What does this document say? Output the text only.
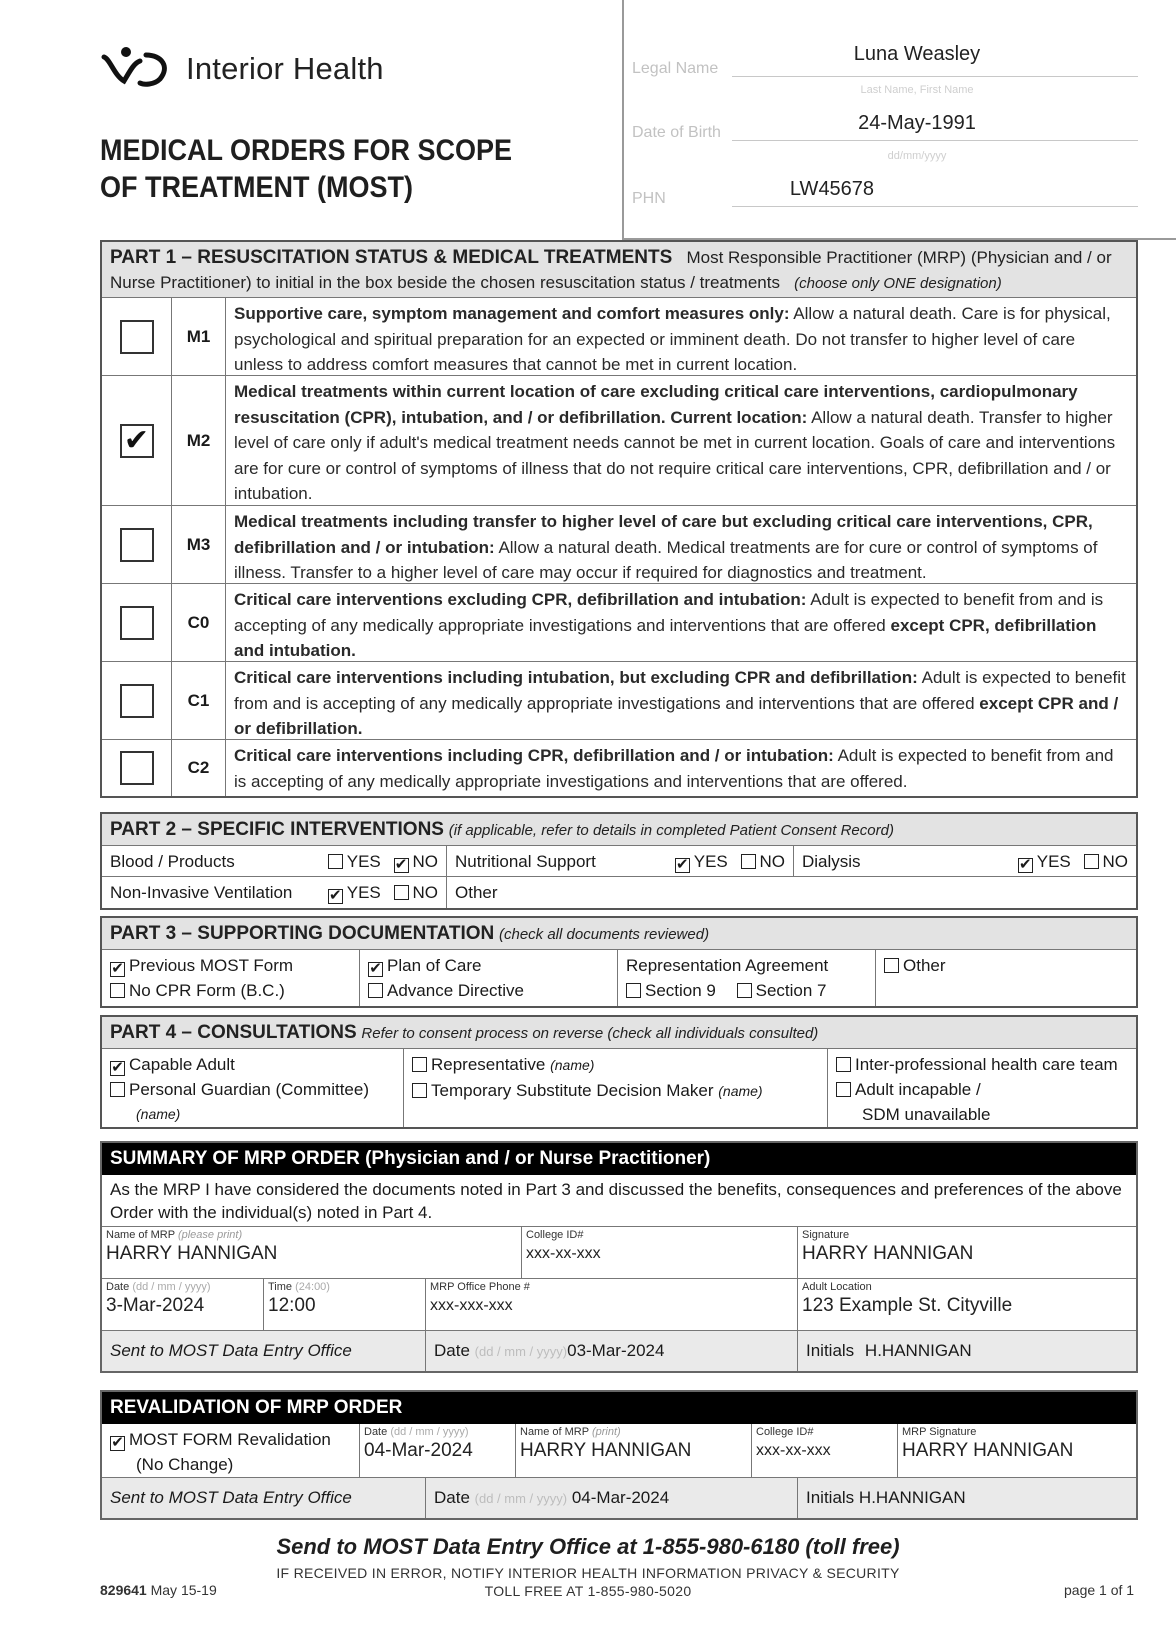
Interior Health
MEDICAL ORDERS FOR SCOPE
OF TREATMENT (MOST)
Legal Name
Luna Weasley
Last Name, First Name
Date of Birth	24-May-1991
dd/mm/yyyy
PHN	LW45678
PART 1 – RESUSCITATION STATUS & MEDICAL TREATMENTS Most Responsible Practitioner (MRP) (Physician and / or Nurse Practitioner) to initial in the box beside the chosen resuscitation status / treatments (choose only ONE designation)
M1
Supportive care, symptom management and comfort measures only: Allow a natural death. Care is for physical, psychological and spiritual preparation for an expected or imminent death. Do not transfer to higher level of care unless to address comfort measures that cannot be met in current location.
✔	M2
Medical treatments within current location of care excluding critical care interventions, cardiopulmonary resuscitation (CPR), intubation, and / or defibrillation. Current location: Allow a natural death. Transfer to higher level of care only if adult's medical treatment needs cannot be met in current location. Goals of care and interventions are for cure or control of symptoms of illness that do not require critical care interventions, CPR, defibrillation and / or intubation.
M3
Medical treatments including transfer to higher level of care but excluding critical care interventions, CPR, defibrillation and / or intubation: Allow a natural death. Medical treatments are for cure or control of symptoms of illness. Transfer to a higher level of care may occur if required for diagnostics and treatment.
C0
Critical care interventions excluding CPR, defibrillation and intubation: Adult is expected to benefit from and is accepting of any medically appropriate investigations and interventions that are offered except CPR, defibrillation and intubation.
C1
Critical care interventions including intubation, but excluding CPR and defibrillation: Adult is expected to benefit from and is accepting of any medically appropriate investigations and interventions that are offered except CPR and / or defibrillation.
C2
Critical care interventions including CPR, defibrillation and / or intubation: Adult is expected to benefit from and is accepting of any medically appropriate investigations and interventions that are offered.
PART 2 – SPECIFIC INTERVENTIONS (if applicable, refer to details in completed Patient Consent Record)
Blood / Products	YES ✔ NO Nutritional Support	✔ YES NO Dialysis	✔ YES NO
Non-Invasive Ventilation ✔ YES NO	Other
PART 3 – SUPPORTING DOCUMENTATION (check all documents reviewed)
✔ Previous MOST Form
No CPR Form (B.C.)
✔ Plan of Care
Advance Directive
Representation Agreement
Section 9 Section 7
Other
PART 4 – CONSULTATIONS Refer to consent process on reverse (check all individuals consulted)
✔ Capable Adult
Personal Guardian (Committee)
(name)
Representative (name)
Temporary Substitute Decision Maker (name)
Inter-professional health care team
Adult incapable /
SDM unavailable
SUMMARY OF MRP ORDER (Physician and / or Nurse Practitioner)
As the MRP I have considered the documents noted in Part 3 and discussed the benefits, consequences and preferences of the above Order with the individual(s) noted in Part 4.
Name of MRP (please print)
HARRY HANNIGAN
College ID#
xxx-xx-xxx
Signature
HARRY HANNIGAN
Date (dd / mm / yyyy)
3-Mar-2024
Time (24:00)
12:00
MRP Office Phone #
xxx-xxx-xxx
Adult Location
123 Example St. Cityville
Sent to MOST Data Entry Office	Date (dd / mm / yyyy)03-Mar-2024	Initials H.HANNIGAN
REVALIDATION OF MRP ORDER
✔ MOST FORM Revalidation
(No Change)
Date (dd / mm / yyyy)
04-Mar-2024
Name of MRP (print)
HARRY HANNIGAN
College ID#
xxx-xx-xxx
MRP Signature
HARRY HANNIGAN
Sent to MOST Data Entry Office	Date (dd / mm / yyyy) 04-Mar-2024	Initials H.HANNIGAN
Send to MOST Data Entry Office at 1-855-980-6180 (toll free)
IF RECEIVED IN ERROR, NOTIFY INTERIOR HEALTH INFORMATION PRIVACY & SECURITY
TOLL FREE AT 1-855-980-5020
829641 May 15-19	page 1 of 1
